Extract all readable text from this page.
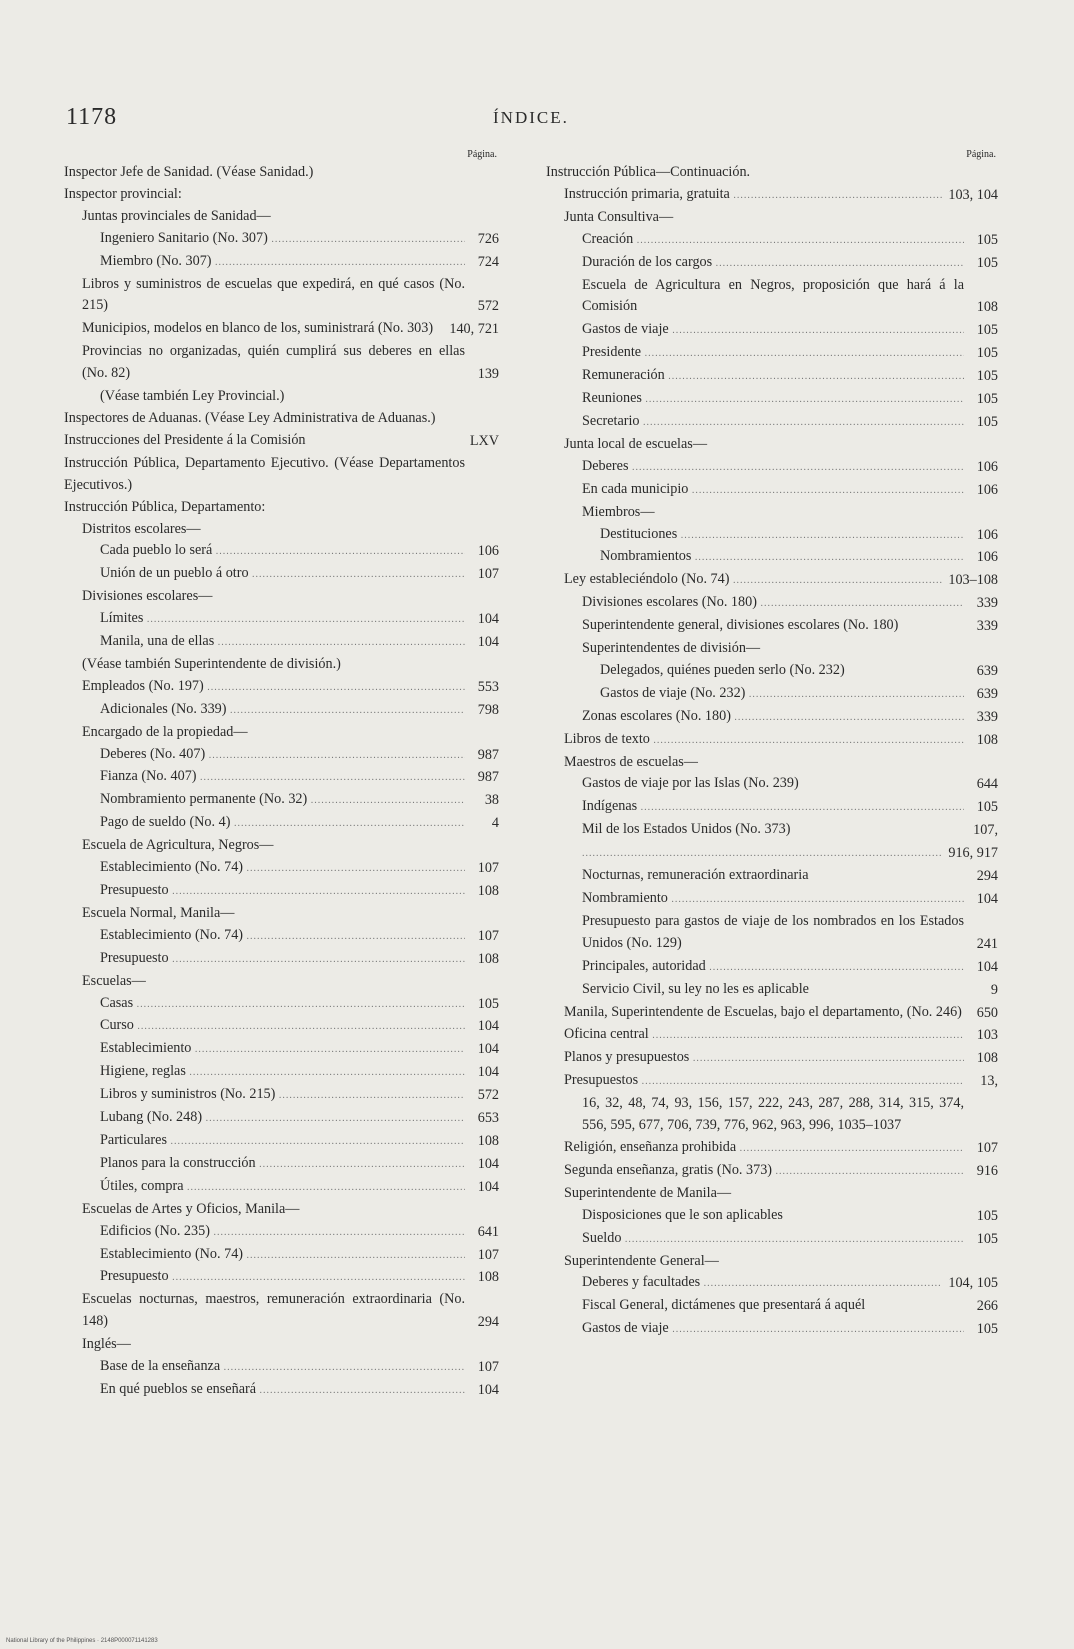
1178	ÍNDICE.
Página.
Inspector Jefe de Sanidad. (Véase Sanidad.)
Inspector provincial:
Juntas provinciales de Sanidad—
Ingeniero Sanitario (No. 307) .....	726
Miembro (No. 307) .....	724
Libros y suministros de escuelas que expedirá, en qué casos (No. 215)	572
Municipios, modelos en blanco de los, suministrará (No. 303)	140, 721
Provincias no organizadas, quién cumplirá sus deberes en ellas (No. 82)	139
(Véase también Ley Provincial.)
Inspectores de Aduanas. (Véase Ley Administrativa de Aduanas.)
Instrucciones del Presidente á la Comisión	LXV
Instrucción Pública, Departamento Ejecutivo. (Véase Departamentos Ejecutivos.)
Instrucción Pública, Departamento:
Distritos escolares—
Cada pueblo lo será .....	106
Unión de un pueblo á otro .....	107
Divisiones escolares—
Límites .....	104
Manila, una de ellas .....	104
(Véase también Superintendente de división.)
Empleados (No. 197) .....	553
Adicionales (No. 339) .....	798
Encargado de la propiedad—
Deberes (No. 407) .....	987
Fianza (No. 407) .....	987
Nombramiento permanente (No. 32) .....	38
Pago de sueldo (No. 4) .....	4
Escuela de Agricultura, Negros—
Establecimiento (No. 74) .....	107
Presupuesto .....	108
Escuela Normal, Manila—
Establecimiento (No. 74) .....	107
Presupuesto .....	108
Escuelas—
Casas .....	105
Curso .....	104
Establecimiento .....	104
Higiene, reglas .....	104
Libros y suministros (No. 215) .....	572
Lubang (No. 248) .....	653
Particulares .....	108
Planos para la construcción .....	104
Útiles, compra .....	104
Escuelas de Artes y Oficios, Manila—
Edificios (No. 235) .....	641
Establecimiento (No. 74) .....	107
Presupuesto .....	108
Escuelas nocturnas, maestros, remuneración extraordinaria (No. 148)	294
Inglés—
Base de la enseñanza .....	107
En qué pueblos se enseñará .....	104
Página.
Instrucción Pública—Continuación.
Instrucción primaria, gratuita .....	103, 104
Junta Consultiva—
Creación .....	105
Duración de los cargos .....	105
Escuela de Agricultura en Negros, proposición que hará á la Comisión	108
Gastos de viaje .....	105
Presidente .....	105
Remuneración .....	105
Reuniones .....	105
Secretario .....	105
Junta local de escuelas—
Deberes .....	106
En cada municipio .....	106
Miembros—
Destituciones .....	106
Nombramientos .....	106
Ley estableciéndolo (No. 74) .....	103–108
Divisiones escolares (No. 180) .....	339
Superintendente general, divisiones escolares (No. 180)	339
Superintendentes de división—
Delegados, quiénes pueden serlo (No. 232)	639
Gastos de viaje (No. 232) .....	639
Zonas escolares (No. 180) .....	339
Libros de texto .....	108
Maestros de escuelas—
Gastos de viaje por las Islas (No. 239)	644
Indígenas .....	105
Mil de los Estados Unidos (No. 373)	107,
.....
916, 917
Nocturnas, remuneración extraordinaria	294
Nombramiento .....	104
Presupuesto para gastos de viaje de los nombrados en los Estados Unidos (No. 129)	241
Principales, autoridad .....	104
Servicio Civil, su ley no les es aplicable	9
Manila, Superintendente de Escuelas, bajo el departamento, (No. 246)	650
Oficina central .....	103
Planos y presupuestos .....	108
Presupuestos .....	13,
16, 32, 48, 74, 93, 156, 157, 222, 243, 287, 288, 314, 315, 374, 556, 595, 677, 706, 739, 776, 962, 963, 996, 1035–1037
Religión, enseñanza prohibida .....	107
Segunda enseñanza, gratis (No. 373) .....	916
Superintendente de Manila—
Disposiciones que le son aplicables	105
Sueldo .....	105
Superintendente General—
Deberes y facultades .....	104, 105
Fiscal General, dictámenes que presentará á aquél	266
Gastos de viaje .....	105
National Library of the Philippines · 2148P000071141283
